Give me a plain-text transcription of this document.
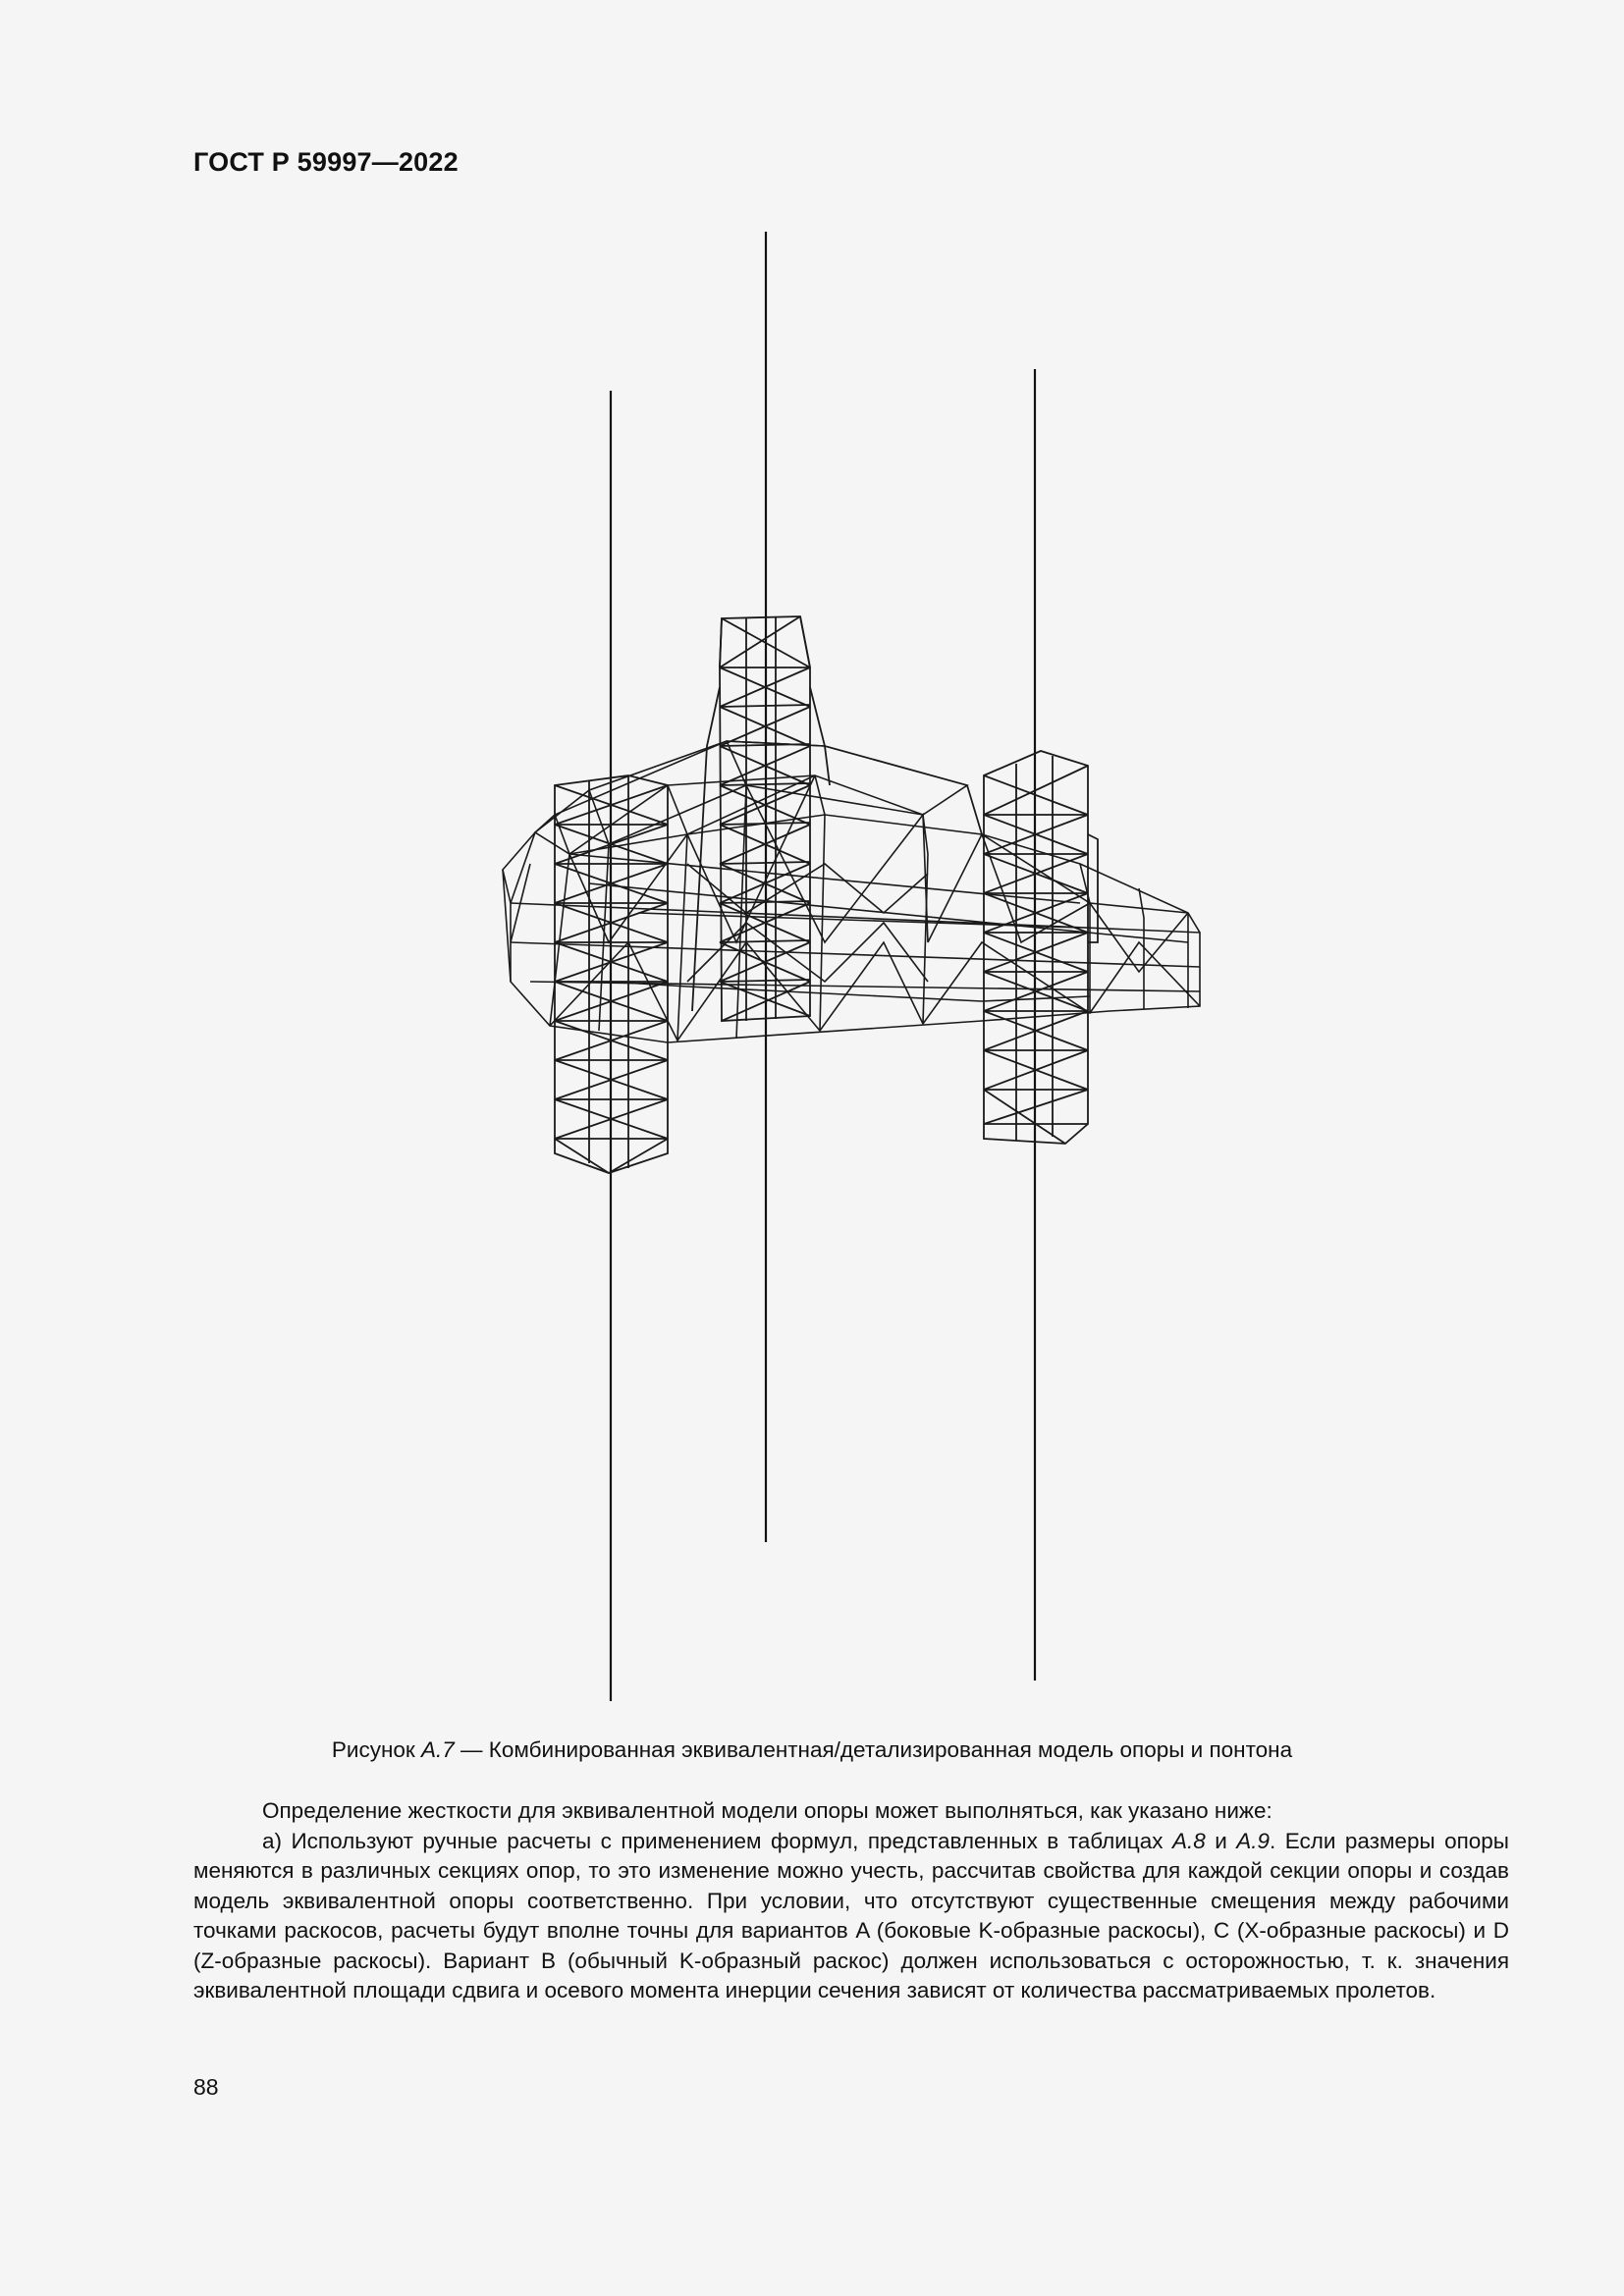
ГОСТ Р 59997—2022
Рисунок А.7 — Комбинированная эквивалентная/детализированная модель опоры и понтона

Определение жесткости для эквивалентной модели опоры может выполняться, как указано ниже:

а) Используют ручные расчеты с применением формул, представленных в таблицах А.8 и А.9. Если размеры опоры меняются в различных секциях опор, то это изменение можно учесть, рассчитав свойства для каждой секции опоры и создав модель эквивалентной опоры соответственно. При условии, что отсутствуют существенные смещения между рабочими точками раскосов, расчеты будут вполне точны для вариантов A (боковые K-образные раскосы), C (X-образные раскосы) и D (Z-образные раскосы). Вариант B (обычный K-образный раскос) должен использоваться с осторожностью, т. к. значения эквивалентной площади сдвига и осевого момента инерции сечения зависят от количества рассматриваемых пролетов.

88
